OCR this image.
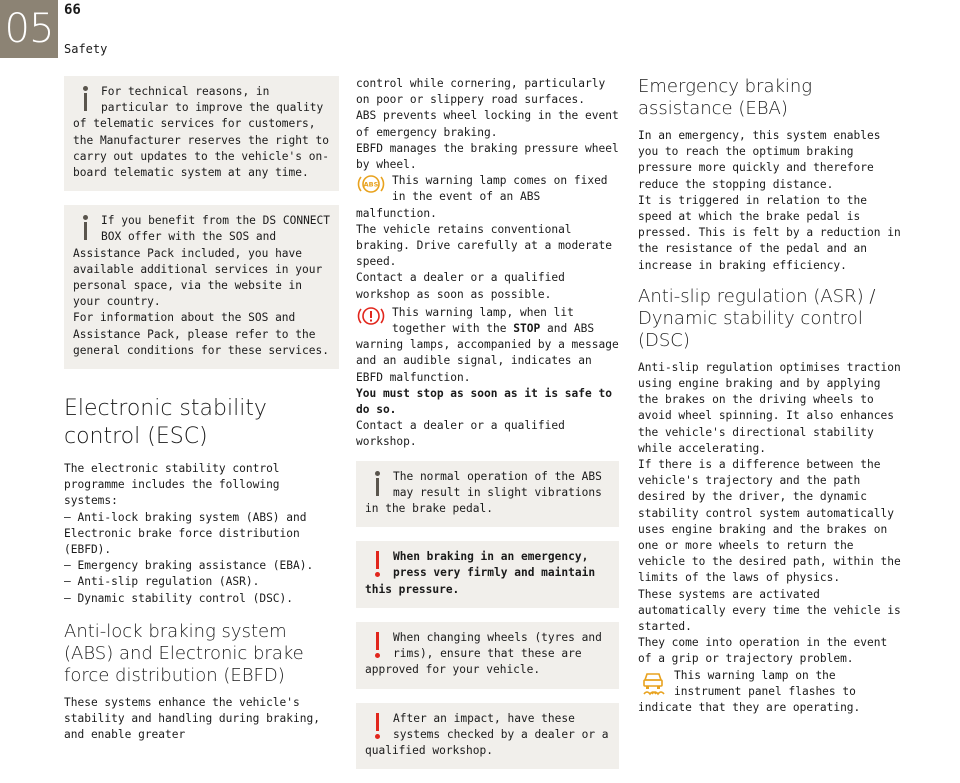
05 66
Safety

For technical reasons, in particular to improve the quality of telematic services for customers, the Manufacturer reserves the right to carry out updates to the vehicle's on-board telematic system at any time.

If you benefit from the DS CONNECT BOX offer with the SOS and Assistance Pack included, you have available additional services in your personal space, via the website in your country.

For information about the SOS and Assistance Pack, please refer to the general conditions for these services.

Electronic stability control (ESC)

The electronic stability control programme includes the following systems:

– Anti-lock braking system (ABS) and Electronic brake force distribution (EBFD).

– Emergency braking assistance (EBA).

– Anti-slip regulation (ASR).

– Dynamic stability control (DSC).

Anti-lock braking system (ABS) and Electronic brake force distribution (EBFD)

These systems enhance the vehicle's stability and handling during braking, and enable greater

control while cornering, particularly on poor or slippery road surfaces.

ABS prevents wheel locking in the event of emergency braking.

EBFD manages the braking pressure wheel by wheel.

ABS	This warning lamp comes on fixed in the event of an ABS malfunction.

The vehicle retains conventional braking. Drive carefully at a moderate speed.

Contact a dealer or a qualified workshop as soon as possible.

This warning lamp, when lit together with the STOP and ABS warning lamps, accompanied by a message and an audible signal, indicates an EBFD malfunction.

You must stop as soon as it is safe to do so.

Contact a dealer or a qualified workshop.

The normal operation of the ABS may result in slight vibrations in the brake pedal.

When braking in an emergency, press very firmly and maintain this pressure.

When changing wheels (tyres and rims), ensure that these are approved for your vehicle.

After an impact, have these systems checked by a dealer or a qualified workshop.

Emergency braking assistance (EBA)

In an emergency, this system enables you to reach the optimum braking pressure more quickly and therefore reduce the stopping distance.

It is triggered in relation to the speed at which the brake pedal is pressed. This is felt by a reduction in the resistance of the pedal and an increase in braking efficiency.

Anti-slip regulation (ASR) / Dynamic stability control (DSC)

Anti-slip regulation optimises traction using engine braking and by applying the brakes on the driving wheels to avoid wheel spinning. It also enhances the vehicle's directional stability while accelerating.

If there is a difference between the vehicle's trajectory and the path desired by the driver, the dynamic stability control system automatically uses engine braking and the brakes on one or more wheels to return the vehicle to the desired path, within the limits of the laws of physics.

These systems are activated automatically every time the vehicle is started.

They come into operation in the event of a grip or trajectory problem.

This warning lamp on the instrument panel flashes to indicate that they are operating.
